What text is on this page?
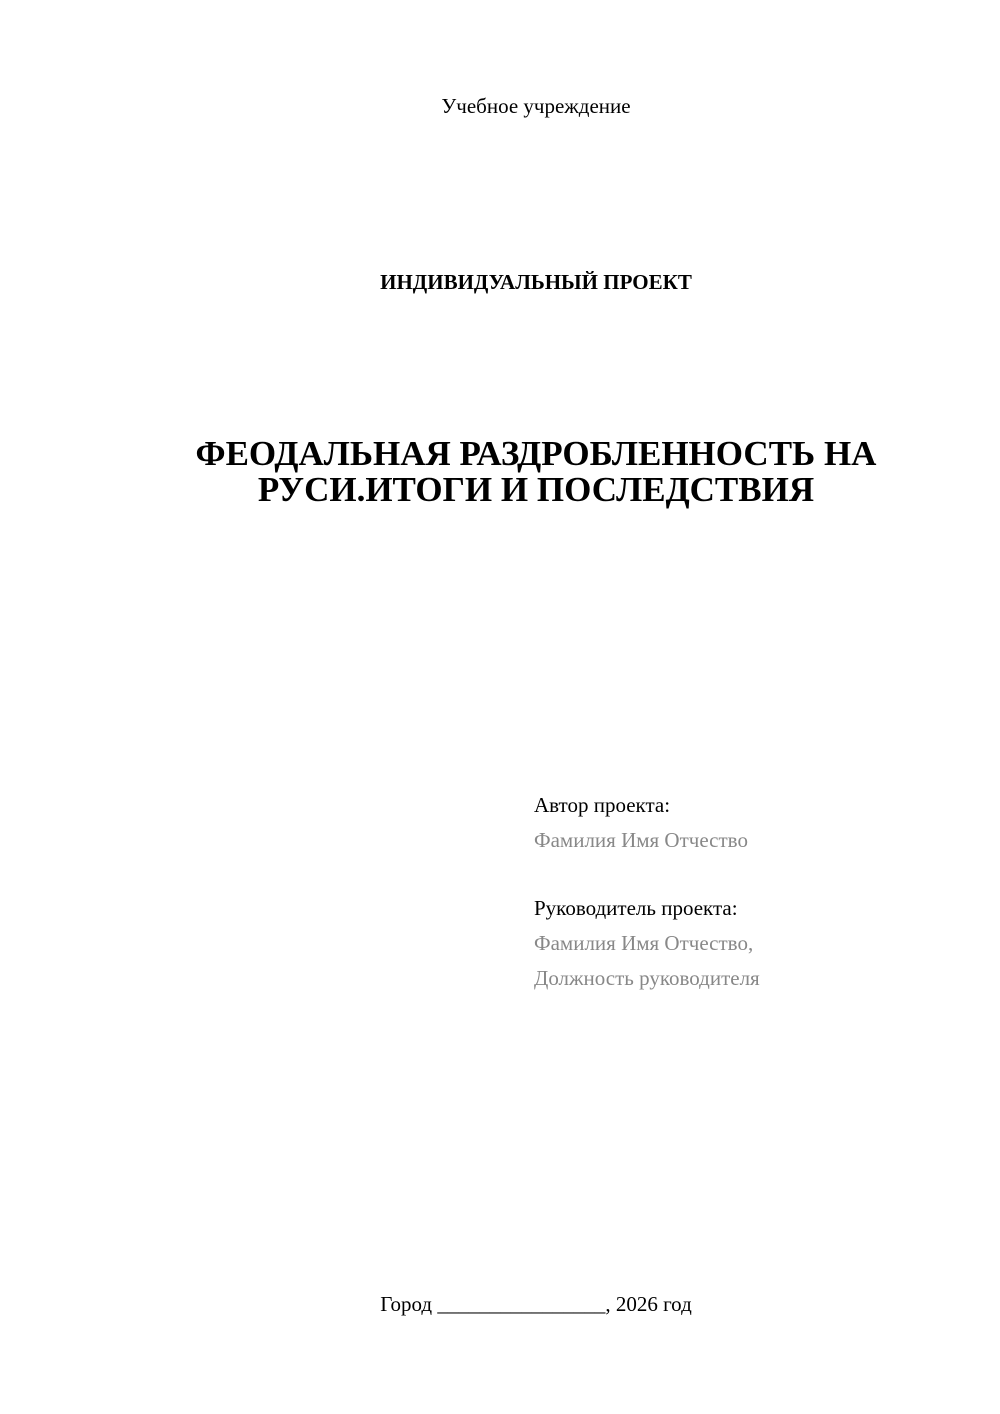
Учебное учреждение
ИНДИВИДУАЛЬНЫЙ ПРОЕКТ
ФЕОДАЛЬНАЯ РАЗДРОБЛЕННОСТЬ НА
РУСИ.ИТОГИ И ПОСЛЕДСТВИЯ
Автор проекта:
Фамилия Имя Отчество
Руководитель проекта:
Фамилия Имя Отчество,
Должность руководителя
Город ________________, 2026 год
